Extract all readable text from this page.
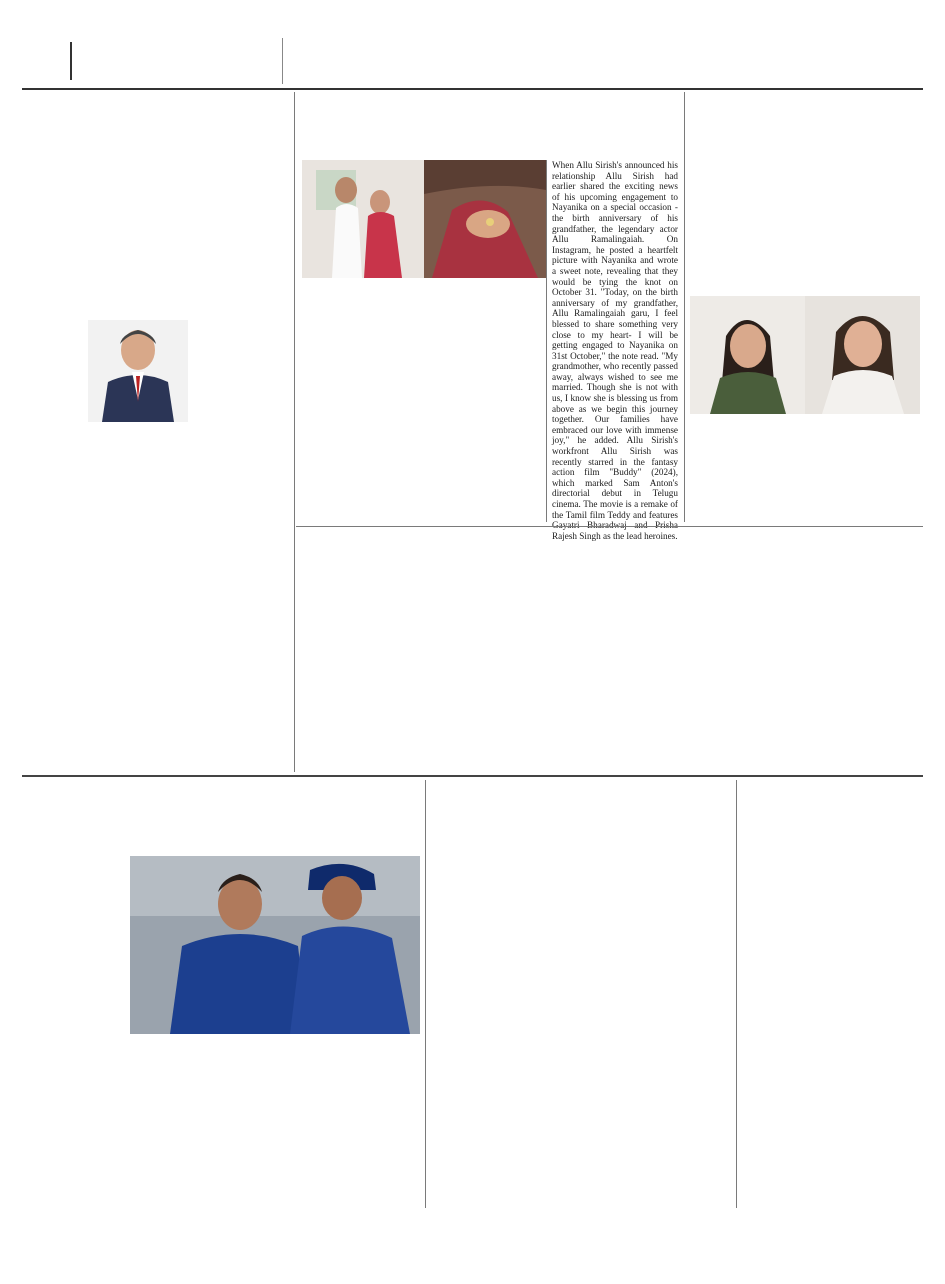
When Allu Sirish's announced his relationship Allu Sirish had earlier shared the exciting news of his upcoming engagement to Nayanika on a special occasion - the birth anniversary of his grandfather, the legendary actor Allu Ramalingaiah. On Instagram, he posted a heartfelt picture with Nayanika and wrote a sweet note, revealing that they would be tying the knot on October 31. "Today, on the birth anniversary of my grandfather, Allu Ramalingaiah garu, I feel blessed to share something very close to my heart- I will be getting engaged to Nayanika on 31st October," the note read. "My grandmother, who recently passed away, always wished to see me married. Though she is not with us, I know she is blessing us from above as we begin this journey together. Our families have embraced our love with immense joy," he added. Allu Sirish's workfront Allu Sirish was recently starred in the fantasy action film "Buddy" (2024), which marked Sam Anton's directorial debut in Telugu cinema. The movie is a remake of the Tamil film Teddy and features Gayatri Bharadwaj and Prisha Rajesh Singh as the lead heroines.
